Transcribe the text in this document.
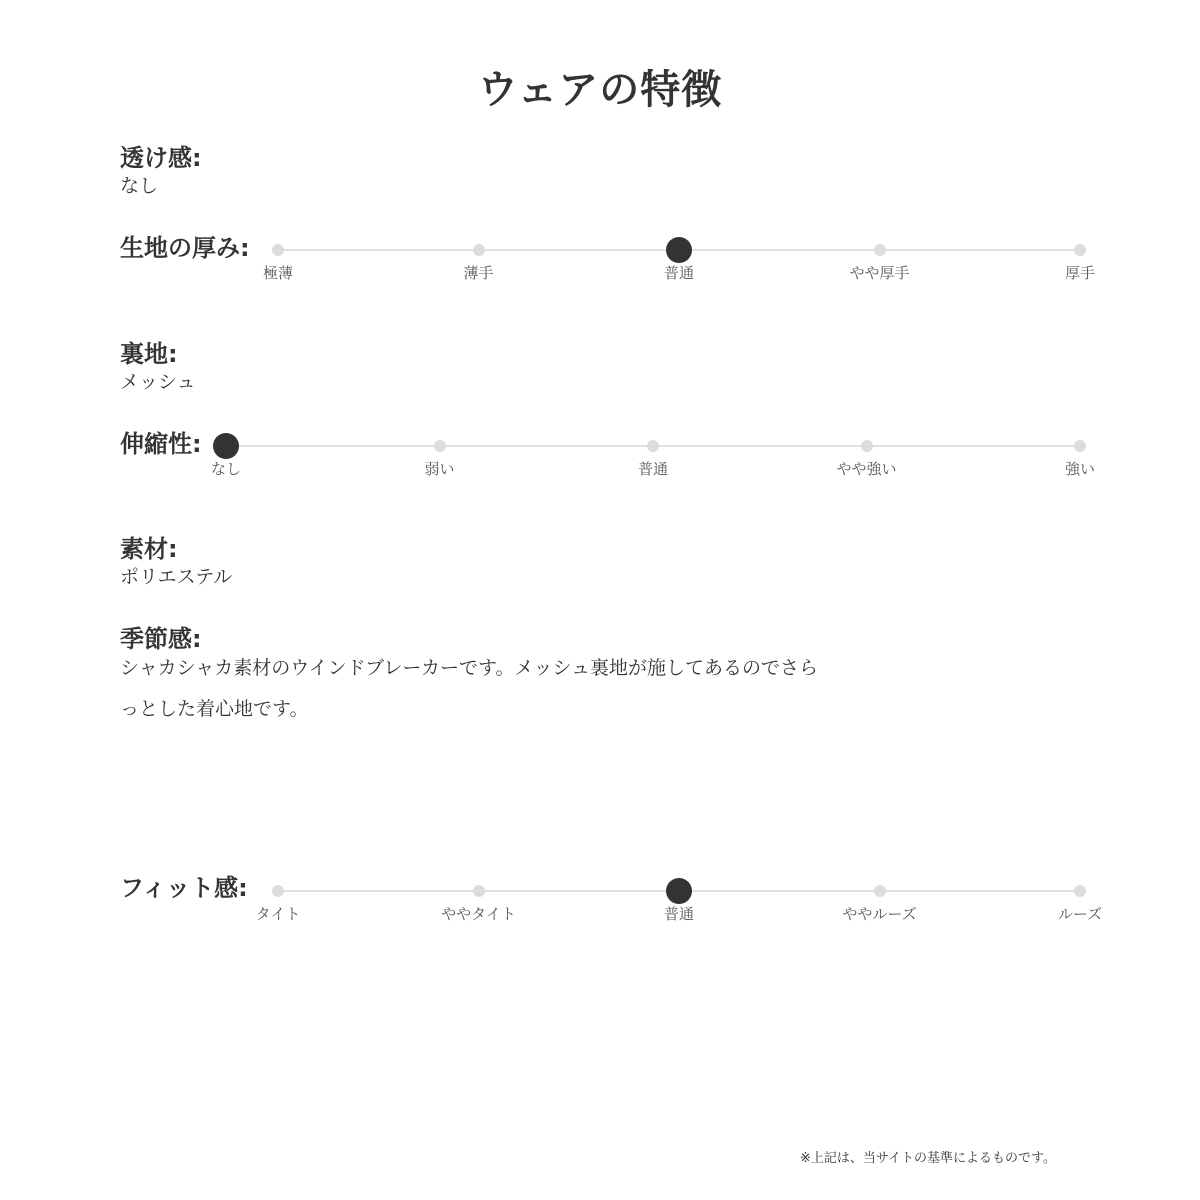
ウェアの特徴
透け感:
なし
生地の厚み:
極薄	薄手	普通	やや厚手	厚手
裏地:
メッシュ
伸縮性:
なし	弱い	普通	やや強い	強い
素材:
ポリエステル
季節感:
シャカシャカ素材のウインドブレーカーです。メッシュ裏地が施してあるのでさら
っとした着心地です。
フィット感:
タイト	ややタイト	普通	ややルーズ	ルーズ
※上記は、当サイトの基準によるものです。
